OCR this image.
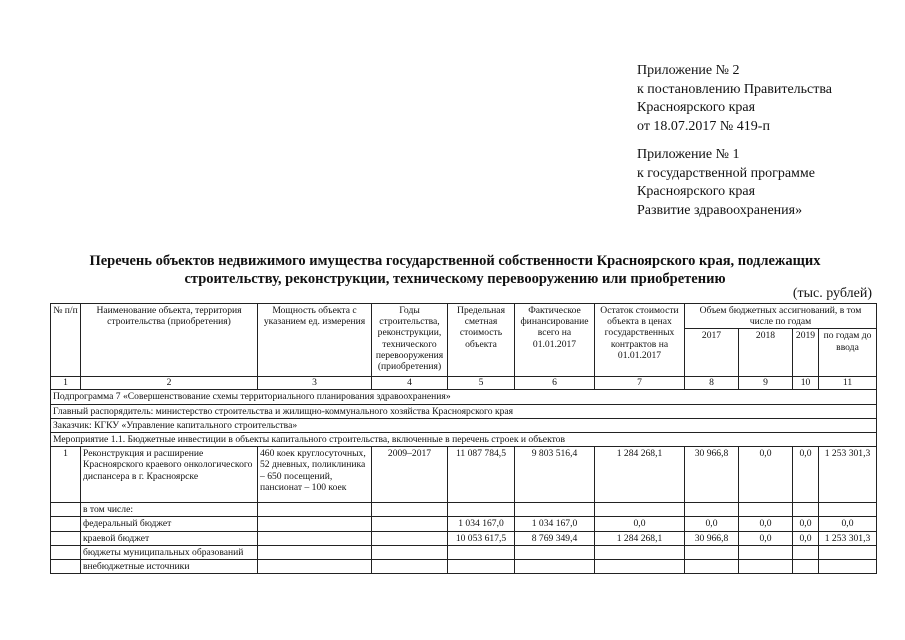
Приложение № 2
к постановлению Правительства
Красноярского края
от 18.07.2017 № 419-п
Приложение № 1
к государственной программе
Красноярского края
Развитие здравоохранения»
Перечень объектов недвижимого имущества государственной собственности Красноярского края, подлежащих
строительству, реконструкции, техническому перевооружению или приобретению
(тыс. рублей)
№ п/п	Наименование объекта, территория строительства (приобретения)	Мощность объекта с указанием ед. измерения	Годы строительства, реконструкции, технического перевооружения (приобретения)	Предельная сметная стоимость объекта	Фактическое финансирование всего на 01.01.2017	Остаток стоимости объекта в ценах государственных контрактов на 01.01.2017	Объем бюджетных ассигнований, в том числе по годам			
							2017	2018	2019	по годам до ввода
1	2	3	4	5	6	7	8	9	10	11
Подпрограмма 7 «Совершенствование схемы территориального планирования здравоохранения»										
Главный распорядитель: министерство строительства и жилищно-коммунального хозяйства Красноярского края										
Заказчик: КГКУ «Управление капитального строительства»										
Мероприятие 1.1. Бюджетные инвестиции в объекты капитального строительства, включенные в перечень строек и объектов										
1	Реконструкция и расширение Красноярского краевого онкологического диспансера в г. Красноярске	460 коек круглосуточных, 52 дневных, поликлиника – 650 посещений, пансионат – 100 коек	2009–2017	11 087 784,5	9 803 516,4	1 284 268,1	30 966,8	0,0	0,0	1 253 301,3
	в том числе:									
	федеральный бюджет			1 034 167,0	1 034 167,0	0,0	0,0	0,0	0,0	0,0
	краевой бюджет			10 053 617,5	8 769 349,4	1 284 268,1	30 966,8	0,0	0,0	1 253 301,3
	бюджеты муниципальных образований									
	внебюджетные источники									
